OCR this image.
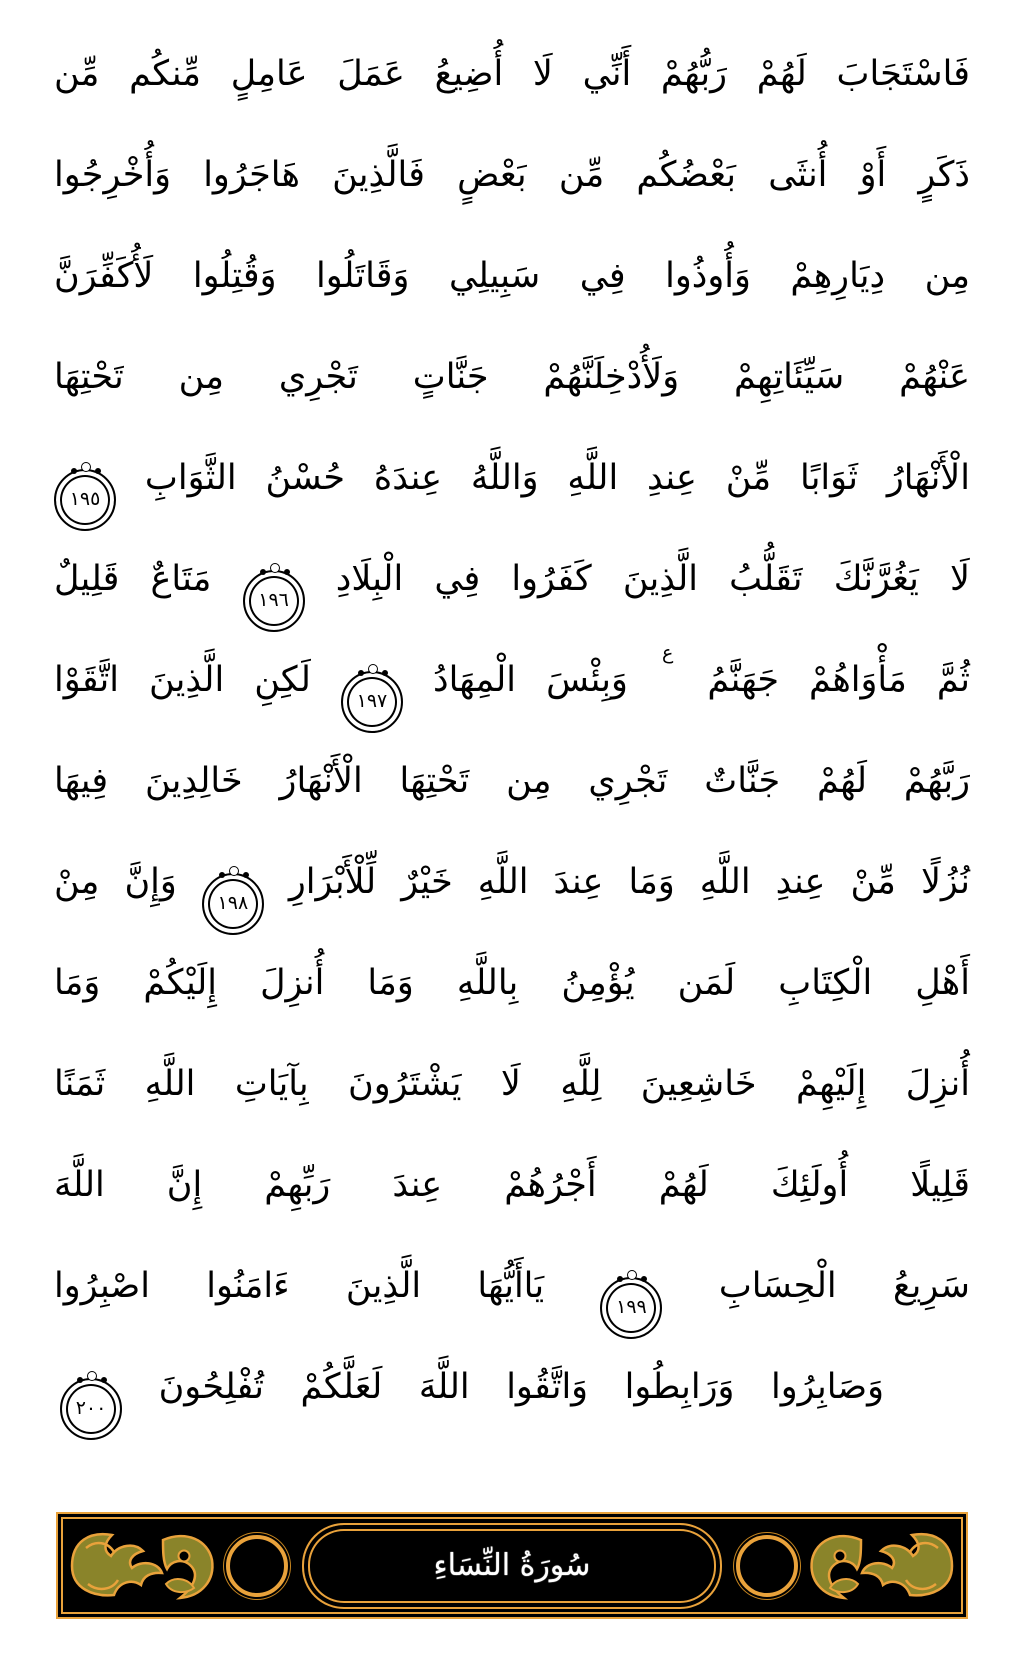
فَاسْتَجَابَ لَهُمْ رَبُّهُمْ أَنِّي لَا أُضِيعُ عَمَلَ عَامِلٍ مِّنكُم مِّن
ذَكَرٍ أَوْ أُنثَى بَعْضُكُم مِّن بَعْضٍ فَالَّذِينَ هَاجَرُوا وَأُخْرِجُوا
مِن دِيَارِهِمْ وَأُوذُوا فِي سَبِيلِي وَقَاتَلُوا وَقُتِلُوا لَأُكَفِّرَنَّ
عَنْهُمْ سَيِّئَاتِهِمْ وَلَأُدْخِلَنَّهُمْ جَنَّاتٍ تَجْرِي مِن تَحْتِهَا
الْأَنْهَارُ ثَوَابًا مِّنْ عِندِ اللَّهِ وَاللَّهُ عِندَهُ حُسْنُ الثَّوَابِ
١٩٥
لَا يَغُرَّنَّكَ تَقَلُّبُ الَّذِينَ كَفَرُوا فِي الْبِلَادِ
١٩٦
مَتَاعٌ قَلِيلٌ
ثُمَّ مَأْوَاهُمْ جَهَنَّمُ ع وَبِئْسَ الْمِهَادُ
١٩٧
لَكِنِ الَّذِينَ اتَّقَوْا
رَبَّهُمْ لَهُمْ جَنَّاتٌ تَجْرِي مِن تَحْتِهَا الْأَنْهَارُ خَالِدِينَ فِيهَا
نُزُلًا مِّنْ عِندِ اللَّهِ وَمَا عِندَ اللَّهِ خَيْرٌ لِّلْأَبْرَارِ
١٩٨
وَإِنَّ مِنْ
أَهْلِ الْكِتَابِ لَمَن يُؤْمِنُ بِاللَّهِ وَمَا أُنزِلَ إِلَيْكُمْ وَمَا
أُنزِلَ إِلَيْهِمْ خَاشِعِينَ لِلَّهِ لَا يَشْتَرُونَ بِآيَاتِ اللَّهِ ثَمَنًا
قَلِيلًا أُولَئِكَ لَهُمْ أَجْرُهُمْ عِندَ رَبِّهِمْ إِنَّ اللَّهَ
سَرِيعُ الْحِسَابِ
١٩٩
يَاأَيُّهَا الَّذِينَ ءَامَنُوا اصْبِرُوا
وَصَابِرُوا وَرَابِطُوا وَاتَّقُوا اللَّهَ لَعَلَّكُمْ تُفْلِحُونَ
٢٠٠
سُورَةُ النِّسَاءِ
